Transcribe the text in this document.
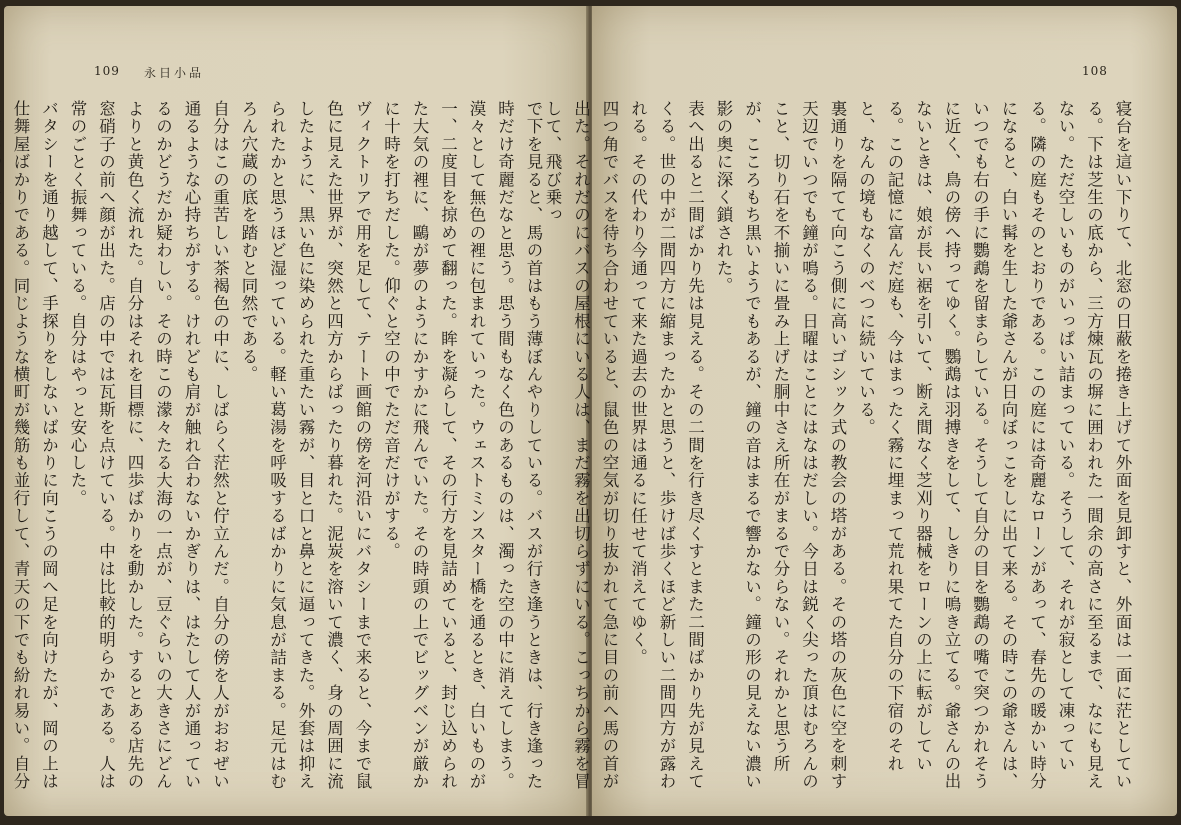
109 永日小品
で下を見ると、馬の首はもう薄ぼんやりしている。バスが行き逢うときは、行き逢った時だけ奇麗だなと思う。思う間もなく色のあるものは、濁った空の中に消えてしまう。漠々として無色の裡に包まれていった。ウェストミンスター橋を通るとき、白いものが一、二度目を掠めて翻った。眸を凝らして、その行方を見詰めていると、封じ込められた大気の裡に、鷗が夢のようにかすかに飛んでいた。その時頭の上でビッグベンが厳かに十時を打ちだした。仰ぐと空の中でただ音だけがする。
ヴィクトリアで用を足して、テート画館の傍を河沿いにバタシーまで来ると、今まで鼠色に見えた世界が、突然と四方からばったり暮れた。泥炭を溶いて濃く、身の周囲に流したように、黒い色に染められた重たい霧が、目と口と鼻とに逼ってきた。外套は抑えられたかと思うほど湿っている。軽い葛湯を呼吸するばかりに気息が詰まる。足元はむろん穴蔵の底を踏むと同然である。
自分はこの重苦しい茶褐色の中に、しばらく茫然と佇立んだ。自分の傍を人がおおぜい通るような心持ちがする。けれども肩が触れ合わないかぎりは、はたして人が通っているのかどうだか疑わしい。その時この濛々たる大海の一点が、豆ぐらいの大きさにどんよりと黄色く流れた。自分はそれを目標に、四歩ばかりを動かした。するとある店先の窓硝子の前へ顔が出た。店の中では瓦斯を点けている。中は比較的明らかである。人は常のごとく振舞っている。自分はやっと安心した。
バタシーを通り越して、手探りをしないばかりに向こうの岡へ足を向けたが、岡の上は仕舞屋ばかりである。同じような横町が幾筋も並行して、青天の下でも紛れ易い。自分
108
寝台を這い下りて、北窓の日蔽を捲き上げて外面を見卸すと、外面は一面に茫としている。下は芝生の底から、三方煉瓦の塀に囲われた一間余の高さに至るまで、なにも見えない。ただ空しいものがいっぱい詰まっている。そうして、それが寂として凍っている。隣の庭もそのとおりである。この庭には奇麗なローンがあって、春先の暖かい時分になると、白い髯を生した爺さんが日向ぼっこをしに出て来る。その時この爺さんは、いつでも右の手に鸚鵡を留まらしている。そうして自分の目を鸚鵡の嘴で突つかれそうに近く、鳥の傍へ持ってゆく。鸚鵡は羽搏きをして、しきりに鳴き立てる。爺さんの出ないときは、娘が長い裾を引いて、断え間なく芝刈り器械をローンの上に転がしている。この記憶に富んだ庭も、今はまったく霧に埋まって荒れ果てた自分の下宿のそれと、なんの境もなくのべつに続いている。
裏通りを隔てて向こう側に高いゴシック式の教会の塔がある。その塔の灰色に空を刺す天辺でいつでも鐘が鳴る。日曜はことにはなはだしい。今日は鋭く尖った頂はむろんのこと、切り石を不揃いに畳み上げた胴中さえ所在がまるで分らない。それかと思う所が、こころもち黒いようでもあるが、鐘の音はまるで響かない。鐘の形の見えない濃い影の奥に深く鎖された。
表へ出ると二間ばかり先は見える。その二間を行き尽くすとまた二間ばかり先が見えてくる。世の中が二間四方に縮まったかと思うと、歩けば歩くほど新しい二間四方が露われる。その代わり今通って来た過去の世界は通るに任せて消えてゆく。
四つ角でバスを待ち合わせていると、鼠色の空気が切り抜かれて急に目の前へ馬の首が出た。それだのにバスの屋根にいる人は、まだ霧を出切らずにいる。こっちから霧を冒して、飛び乗っ
